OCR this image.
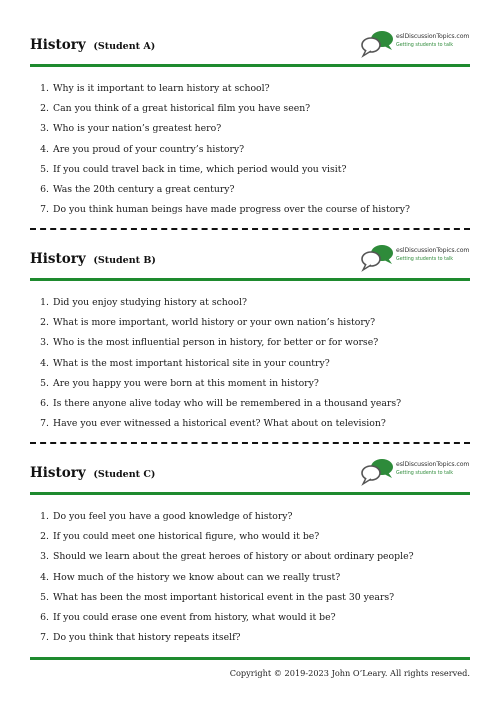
History (Student A)
eslDiscussionTopics.com
Getting students to talk
1. Why is it important to learn history at school?
2. Can you think of a great historical film you have seen?
3. Who is your nation’s greatest hero?
4. Are you proud of your country’s history?
5. If you could travel back in time, which period would you visit?
6. Was the 20th century a great century?
7. Do you think human beings have made progress over the course of history?
History (Student B)
eslDiscussionTopics.com
Getting students to talk
1. Did you enjoy studying history at school?
2. What is more important, world history or your own nation’s history?
3. Who is the most influential person in history, for better or for worse?
4. What is the most important historical site in your country?
5. Are you happy you were born at this moment in history?
6. Is there anyone alive today who will be remembered in a thousand years?
7. Have you ever witnessed a historical event? What about on television?
History (Student C)
eslDiscussionTopics.com
Getting students to talk
1. Do you feel you have a good knowledge of history?
2. If you could meet one historical figure, who would it be?
3. Should we learn about the great heroes of history or about ordinary people?
4. How much of the history we know about can we really trust?
5. What has been the most important historical event in the past 30 years?
6. If you could erase one event from history, what would it be?
7. Do you think that history repeats itself?
Copyright © 2019-2023 John O’Leary. All rights reserved.
